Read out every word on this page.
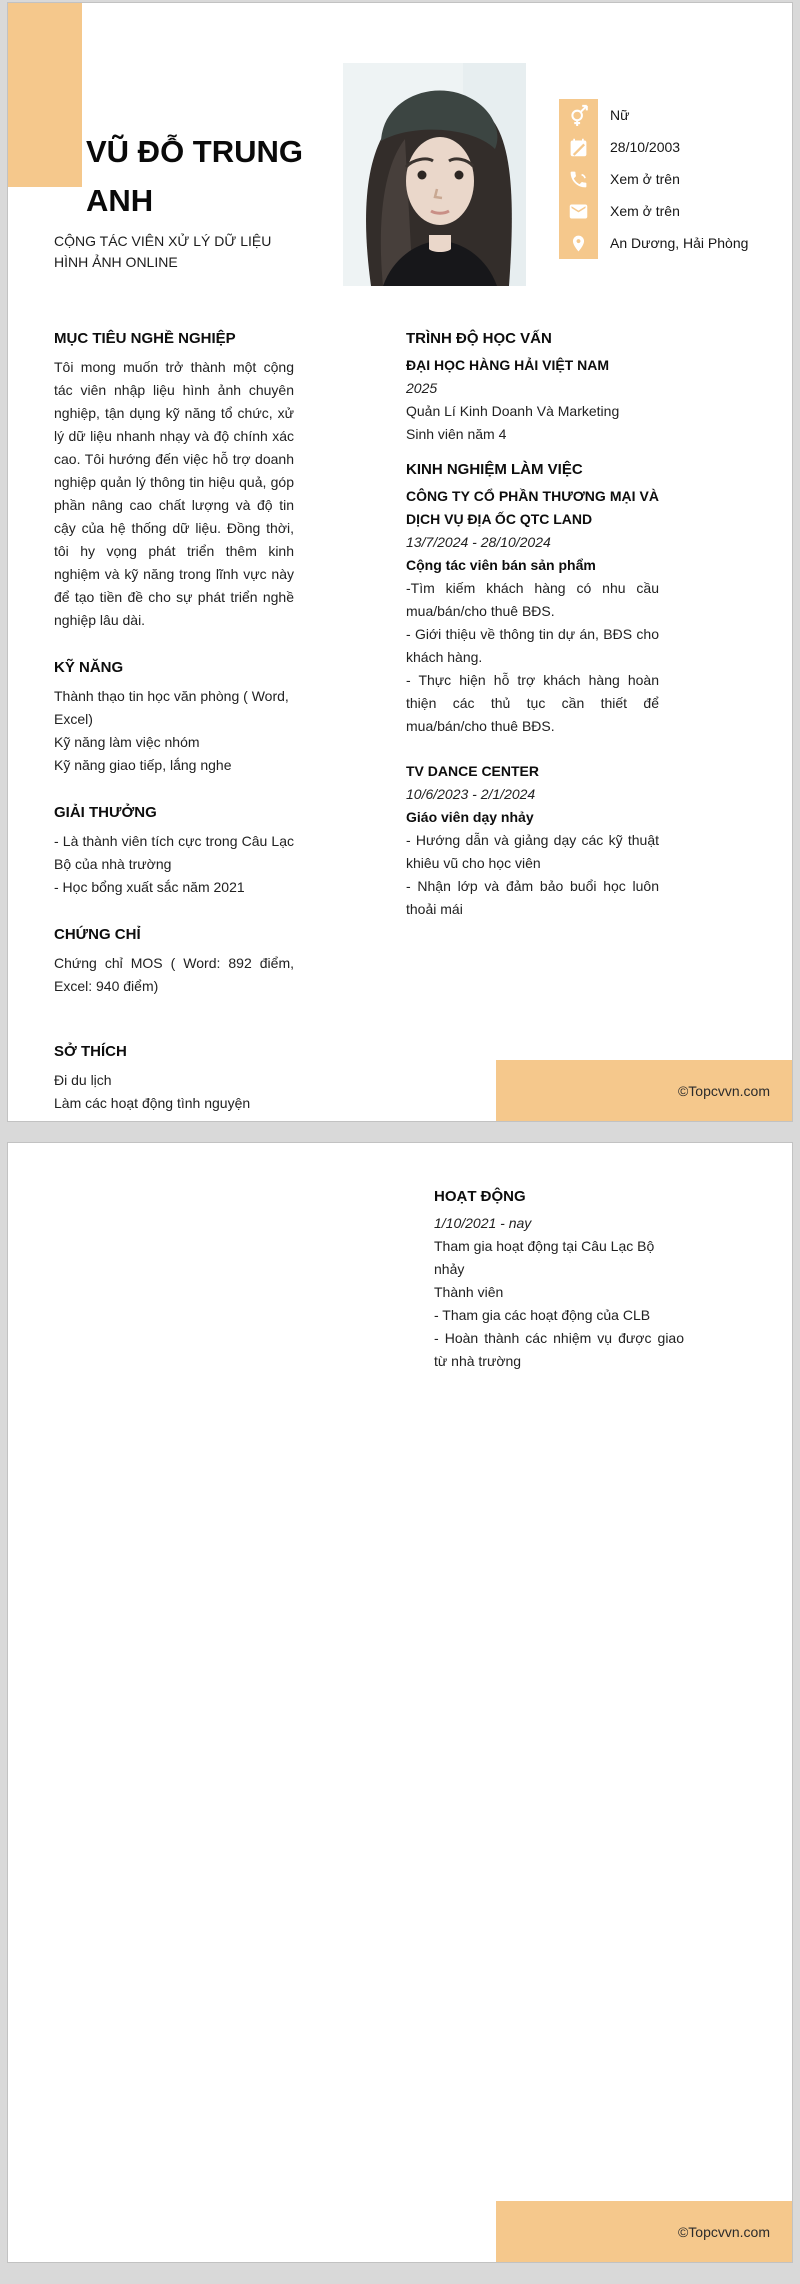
VŨ ĐỖ TRUNG ANH
CỘNG TÁC VIÊN XỬ LÝ DỮ LIỆU HÌNH ẢNH ONLINE
Nữ
28/10/2003
Xem ở trên
Xem ở trên
An Dương, Hải Phòng
MỤC TIÊU NGHỀ NGHIỆP

Tôi mong muốn trở thành một cộng tác viên nhập liệu hình ảnh chuyên nghiệp, tận dụng kỹ năng tổ chức, xử lý dữ liệu nhanh nhạy và độ chính xác cao. Tôi hướng đến việc hỗ trợ doanh nghiệp quản lý thông tin hiệu quả, góp phần nâng cao chất lượng và độ tin cậy của hệ thống dữ liệu. Đồng thời, tôi hy vọng phát triển thêm kinh nghiệm và kỹ năng trong lĩnh vực này để tạo tiền đề cho sự phát triển nghề nghiệp lâu dài.

KỸ NĂNG

Thành thạo tin học văn phòng ( Word, Excel)

Kỹ năng làm việc nhóm

Kỹ năng giao tiếp, lắng nghe

GIẢI THƯỞNG

- Là thành viên tích cực trong Câu Lạc Bộ của nhà trường

- Học bổng xuất sắc năm 2021

CHỨNG CHỈ

Chứng chỉ MOS ( Word: 892 điểm, Excel: 940 điểm)

SỞ THÍCH

Đi du lịch

Làm các hoạt động tình nguyện

TRÌNH ĐỘ HỌC VẤN

ĐẠI HỌC HÀNG HẢI VIỆT NAM

2025

Quản Lí Kinh Doanh Và Marketing

Sinh viên năm 4

KINH NGHIỆM LÀM VIỆC

CÔNG TY CỔ PHẦN THƯƠNG MẠI VÀ DỊCH VỤ ĐỊA ỐC QTC LAND

13/7/2024 - 28/10/2024

Cộng tác viên bán sản phẩm

-Tìm kiếm khách hàng có nhu cầu mua/bán/cho thuê BĐS.

- Giới thiệu về thông tin dự án, BĐS cho khách hàng.

- Thực hiện hỗ trợ khách hàng hoàn thiện các thủ tục cần thiết để mua/bán/cho thuê BĐS.

TV DANCE CENTER

10/6/2023 - 2/1/2024

Giáo viên dạy nhảy

- Hướng dẫn và giảng dạy các kỹ thuật khiêu vũ cho học viên

- Nhận lớp và đảm bảo buổi học luôn thoải mái

©Topcvvn.com
HOẠT ĐỘNG

1/10/2021 - nay

Tham gia hoạt động tại Câu Lạc Bộ nhảy

Thành viên

- Tham gia các hoạt động của CLB

- Hoàn thành các nhiệm vụ được giao từ nhà trường

©Topcvvn.com
